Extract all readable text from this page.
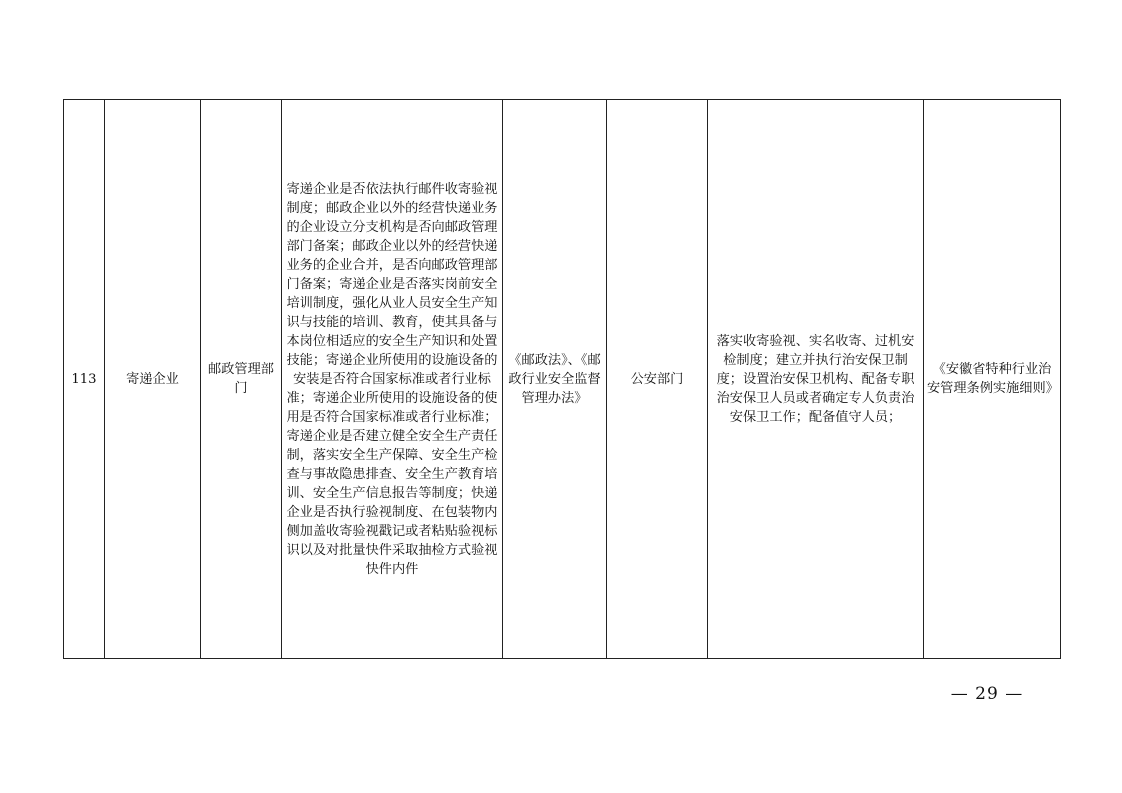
113	寄递企业	邮政管理部门	寄递企业是否依法执行邮件收寄验视制度；邮政企业以外的经营快递业务的企业设立分支机构是否向邮政管理部门备案；邮政企业以外的经营快递业务的企业合并，是否向邮政管理部门备案；寄递企业是否落实岗前安全培训制度，强化从业人员安全生产知识与技能的培训、教育，使其具备与本岗位相适应的安全生产知识和处置技能；寄递企业所使用的设施设备的安装是否符合国家标准或者行业标准；寄递企业所使用的设施设备的使用是否符合国家标准或者行业标准；寄递企业是否建立健全安全生产责任制，落实安全生产保障、安全生产检查与事故隐患排查、安全生产教育培训、安全生产信息报告等制度；快递企业是否执行验视制度、在包装物内侧加盖收寄验视戳记或者粘贴验视标识以及对批量快件采取抽检方式验视快件内件	《邮政法》、《邮政行业安全监督管理办法》	公安部门	落实收寄验视、实名收寄、过机安检制度；建立并执行治安保卫制度；设置治安保卫机构、配备专职治安保卫人员或者确定专人负责治安保卫工作；配备值守人员；	《安徽省特种行业治安管理条例实施细则》
— 29 —
